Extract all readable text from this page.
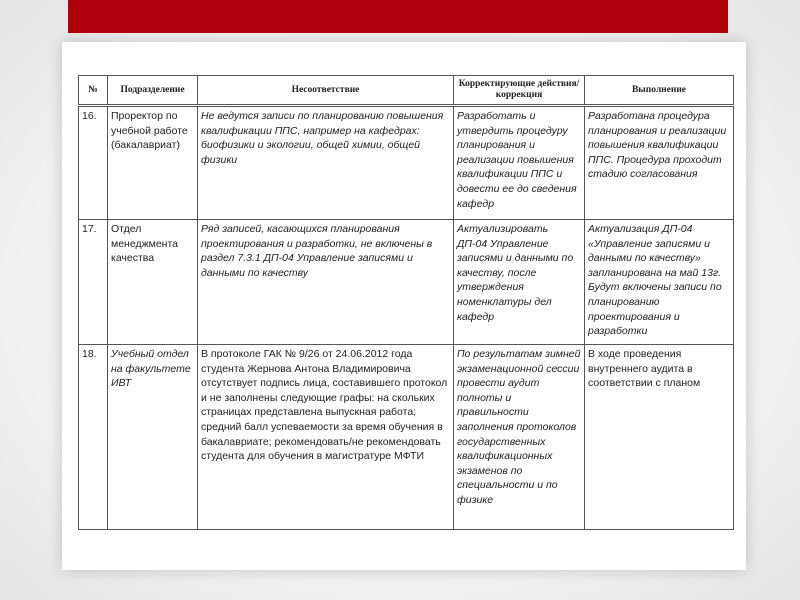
№	Подразделение	Несоответствие	Корректирующие действия/коррекция	Выполнение
16.	Проректор по учебной работе (бакалавриат)	Не ведутся записи по планированию повышения квалификации ППС, например на кафедрах: биофизики и экологии, общей химии, общей физики	Разработать и утвердить процедуру планирования и реализации повышения квалификации ППС и довести ее до сведения кафедр	Разработана процедура планирования и реализации повышения квалификации ППС. Процедура проходит стадию согласования
17.	Отдел менеджмента качества	Ряд записей, касающихся планирования проектирования и разработки, не включены в раздел 7.3.1 ДП-04 Управление записями и данными по качеству	Актуализировать ДП-04 Управление записями и данными по качеству, после утверждения номенклатуры дел кафедр	Актуализация ДП-04 «Управление записями и данными по качеству» запланирована на май 13г. Будут включены записи по планированию проектирования и разработки
18.	Учебный отдел на факультете ИВТ	В протоколе ГАК № 9/26 от 24.06.2012 года студента Жернова Антона Владимировича отсутствует подпись лица, составившего протокол и не заполнены следующие графы: на скольких страницах представлена выпускная работа; средний балл успеваемости за время обучения в бакалавриате; рекомендовать/не рекомендовать студента для обучения в магистратуре МФТИ	По результатам зимней экзаменационной сессии провести аудит полноты и правильности заполнения протоколов государственных квалификационных экзаменов по специальности и по физике	В ходе проведения внутреннего аудита в соответствии с планом
